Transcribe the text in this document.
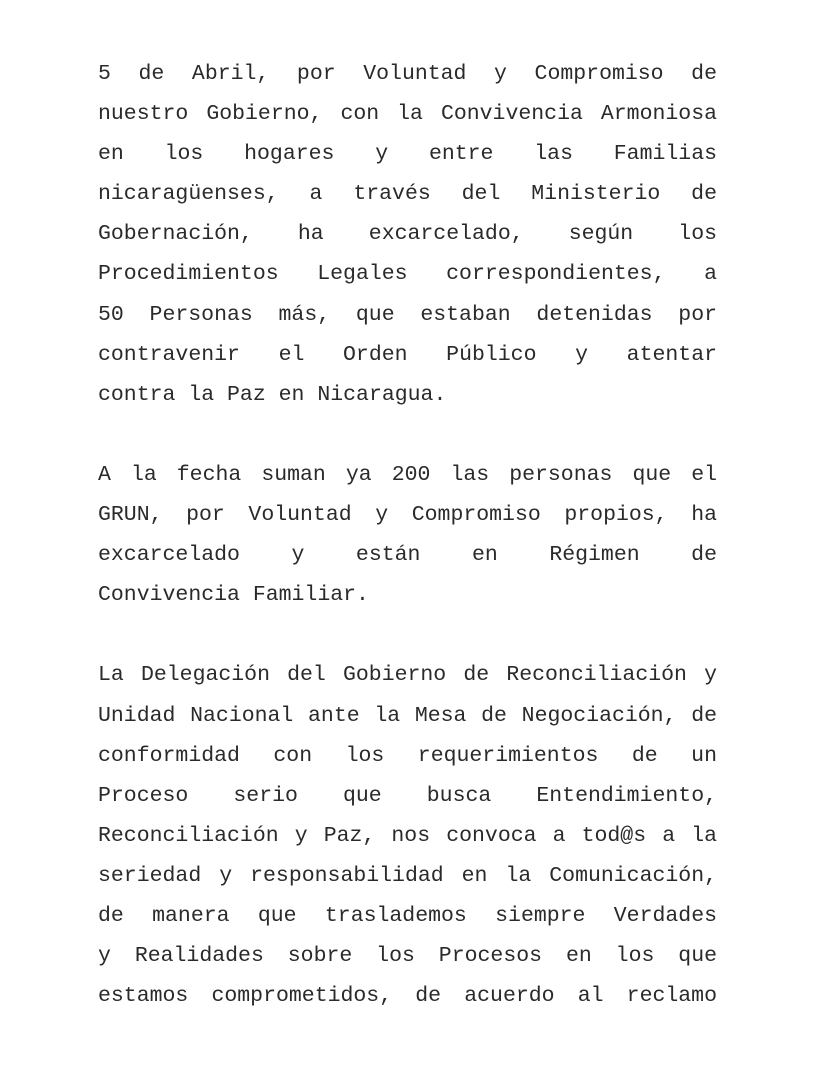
5 de Abril, por Voluntad y Compromiso de
nuestro Gobierno, con la Convivencia Armoniosa
en los hogares y entre las Familias
nicaragüenses, a través del Ministerio de
Gobernación, ha excarcelado, según los
Procedimientos Legales correspondientes, a
50 Personas más, que estaban detenidas por
contravenir el Orden Público y atentar
contra la Paz en Nicaragua.
A la fecha suman ya 200 las personas que el
GRUN, por Voluntad y Compromiso propios, ha
excarcelado y están en Régimen de
Convivencia Familiar.
La Delegación del Gobierno de Reconciliación y
Unidad Nacional ante la Mesa de Negociación, de
conformidad con los requerimientos de un
Proceso serio que busca Entendimiento,
Reconciliación y Paz, nos convoca a tod@s a la
seriedad y responsabilidad en la Comunicación,
de manera que traslademos siempre Verdades
y Realidades sobre los Procesos en los que
estamos comprometidos, de acuerdo al reclamo
